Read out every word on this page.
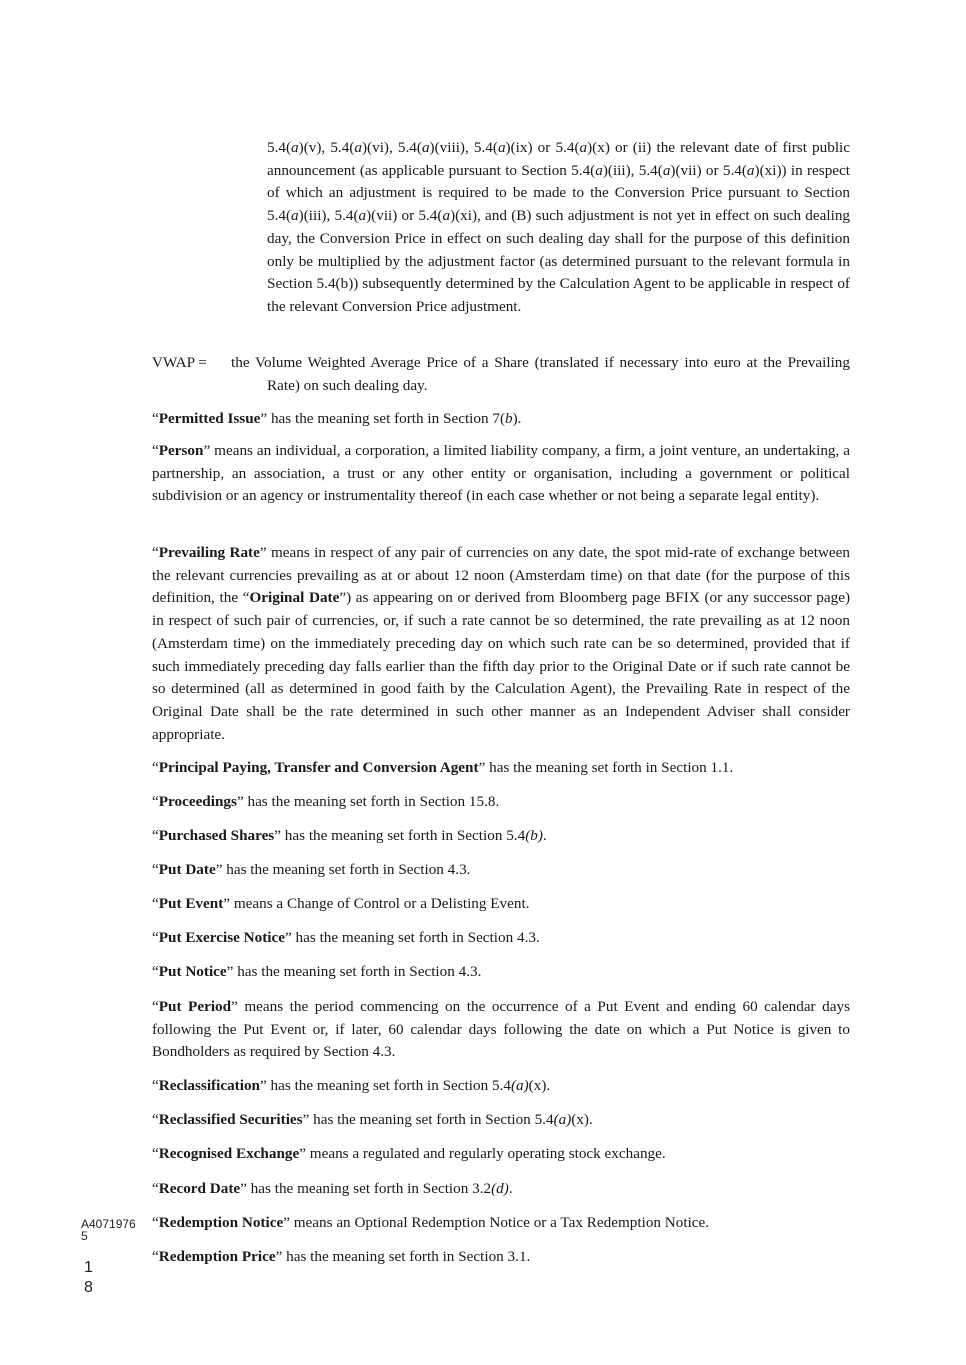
5.4(a)(v), 5.4(a)(vi), 5.4(a)(viii), 5.4(a)(ix) or 5.4(a)(x) or (ii) the relevant date of first public announcement (as applicable pursuant to Section 5.4(a)(iii), 5.4(a)(vii) or 5.4(a)(xi)) in respect of which an adjustment is required to be made to the Conversion Price pursuant to Section 5.4(a)(iii), 5.4(a)(vii) or 5.4(a)(xi), and (B) such adjustment is not yet in effect on such dealing day, the Conversion Price in effect on such dealing day shall for the purpose of this definition only be multiplied by the adjustment factor (as determined pursuant to the relevant formula in Section 5.4(b)) subsequently determined by the Calculation Agent to be applicable in respect of the relevant Conversion Price adjustment.

VWAP = the Volume Weighted Average Price of a Share (translated if necessary into euro at the Prevailing Rate) on such dealing day.

“Permitted Issue” has the meaning set forth in Section 7(b).

“Person” means an individual, a corporation, a limited liability company, a firm, a joint venture, an undertaking, a partnership, an association, a trust or any other entity or organisation, including a government or political subdivision or an agency or instrumentality thereof (in each case whether or not being a separate legal entity).

“Prevailing Rate” means in respect of any pair of currencies on any date, the spot mid-rate of exchange between the relevant currencies prevailing as at or about 12 noon (Amsterdam time) on that date (for the purpose of this definition, the “Original Date”) as appearing on or derived from Bloomberg page BFIX (or any successor page) in respect of such pair of currencies, or, if such a rate cannot be so determined, the rate prevailing as at 12 noon (Amsterdam time) on the immediately preceding day on which such rate can be so determined, provided that if such immediately preceding day falls earlier than the fifth day prior to the Original Date or if such rate cannot be so determined (all as determined in good faith by the Calculation Agent), the Prevailing Rate in respect of the Original Date shall be the rate determined in such other manner as an Independent Adviser shall consider appropriate.

“Principal Paying, Transfer and Conversion Agent” has the meaning set forth in Section 1.1.

“Proceedings” has the meaning set forth in Section 15.8.

“Purchased Shares” has the meaning set forth in Section 5.4(b).

“Put Date” has the meaning set forth in Section 4.3.

“Put Event” means a Change of Control or a Delisting Event.

“Put Exercise Notice” has the meaning set forth in Section 4.3.

“Put Notice” has the meaning set forth in Section 4.3.

“Put Period” means the period commencing on the occurrence of a Put Event and ending 60 calendar days following the Put Event or, if later, 60 calendar days following the date on which a Put Notice is given to Bondholders as required by Section 4.3.

“Reclassification” has the meaning set forth in Section 5.4(a)(x).

“Reclassified Securities” has the meaning set forth in Section 5.4(a)(x).

“Recognised Exchange” means a regulated and regularly operating stock exchange.

“Record Date” has the meaning set forth in Section 3.2(d).

“Redemption Notice” means an Optional Redemption Notice or a Tax Redemption Notice.

“Redemption Price” has the meaning set forth in Section 3.1.

A4071976
5
1
8
